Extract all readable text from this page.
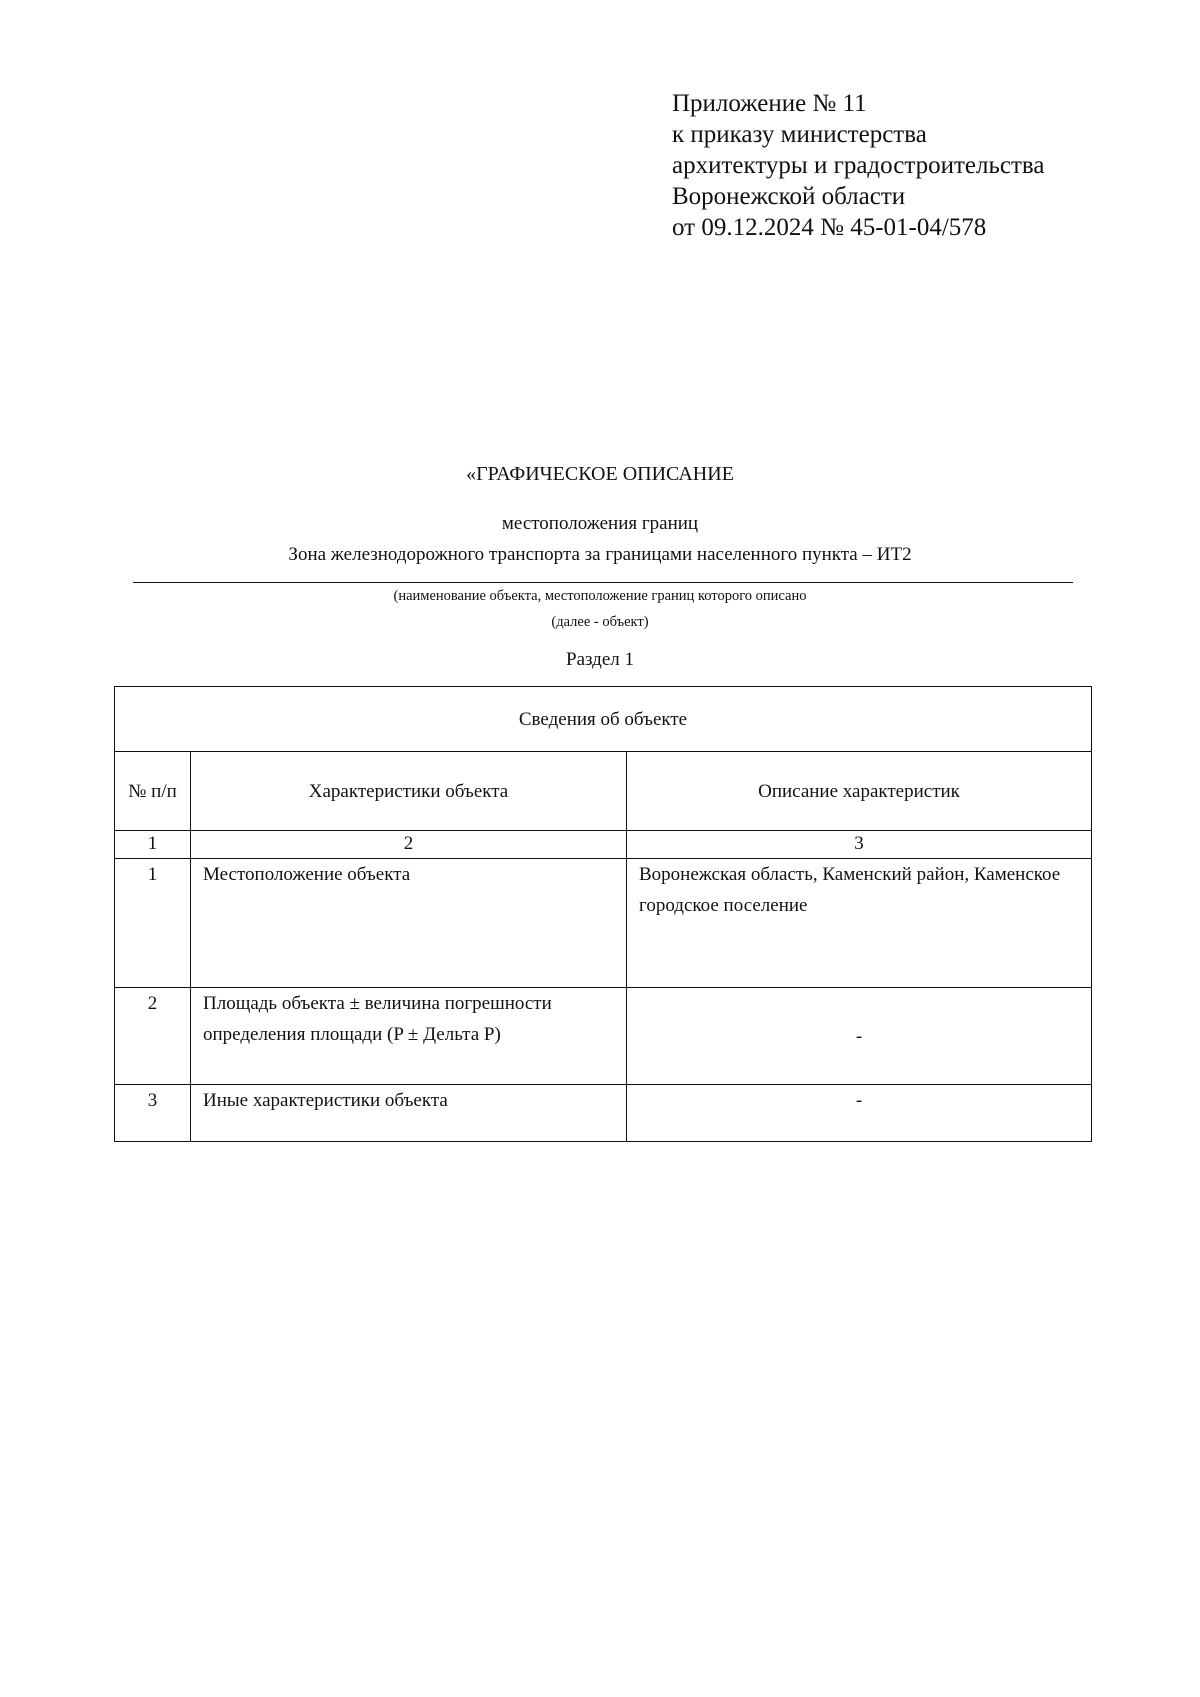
Приложение № 11
к приказу министерства
архитектуры и градостроительства
Воронежской области
от 09.12.2024 № 45-01-04/578
«ГРАФИЧЕСКОЕ ОПИСАНИЕ
местоположения границ
Зона железнодорожного транспорта за границами населенного пункта – ИТ2
(наименование объекта, местоположение границ которого описано
(далее - объект)
Раздел 1
Сведения об объекте		
№ п/п	Характеристики объекта	Описание характеристик
1	2	3
1	Местоположение объекта	Воронежская область, Каменский район, Каменское городское поселение
2	Площадь объекта ± величина погрешности определения площади (P ± Дельта P)	-
3	Иные характеристики объекта	-
